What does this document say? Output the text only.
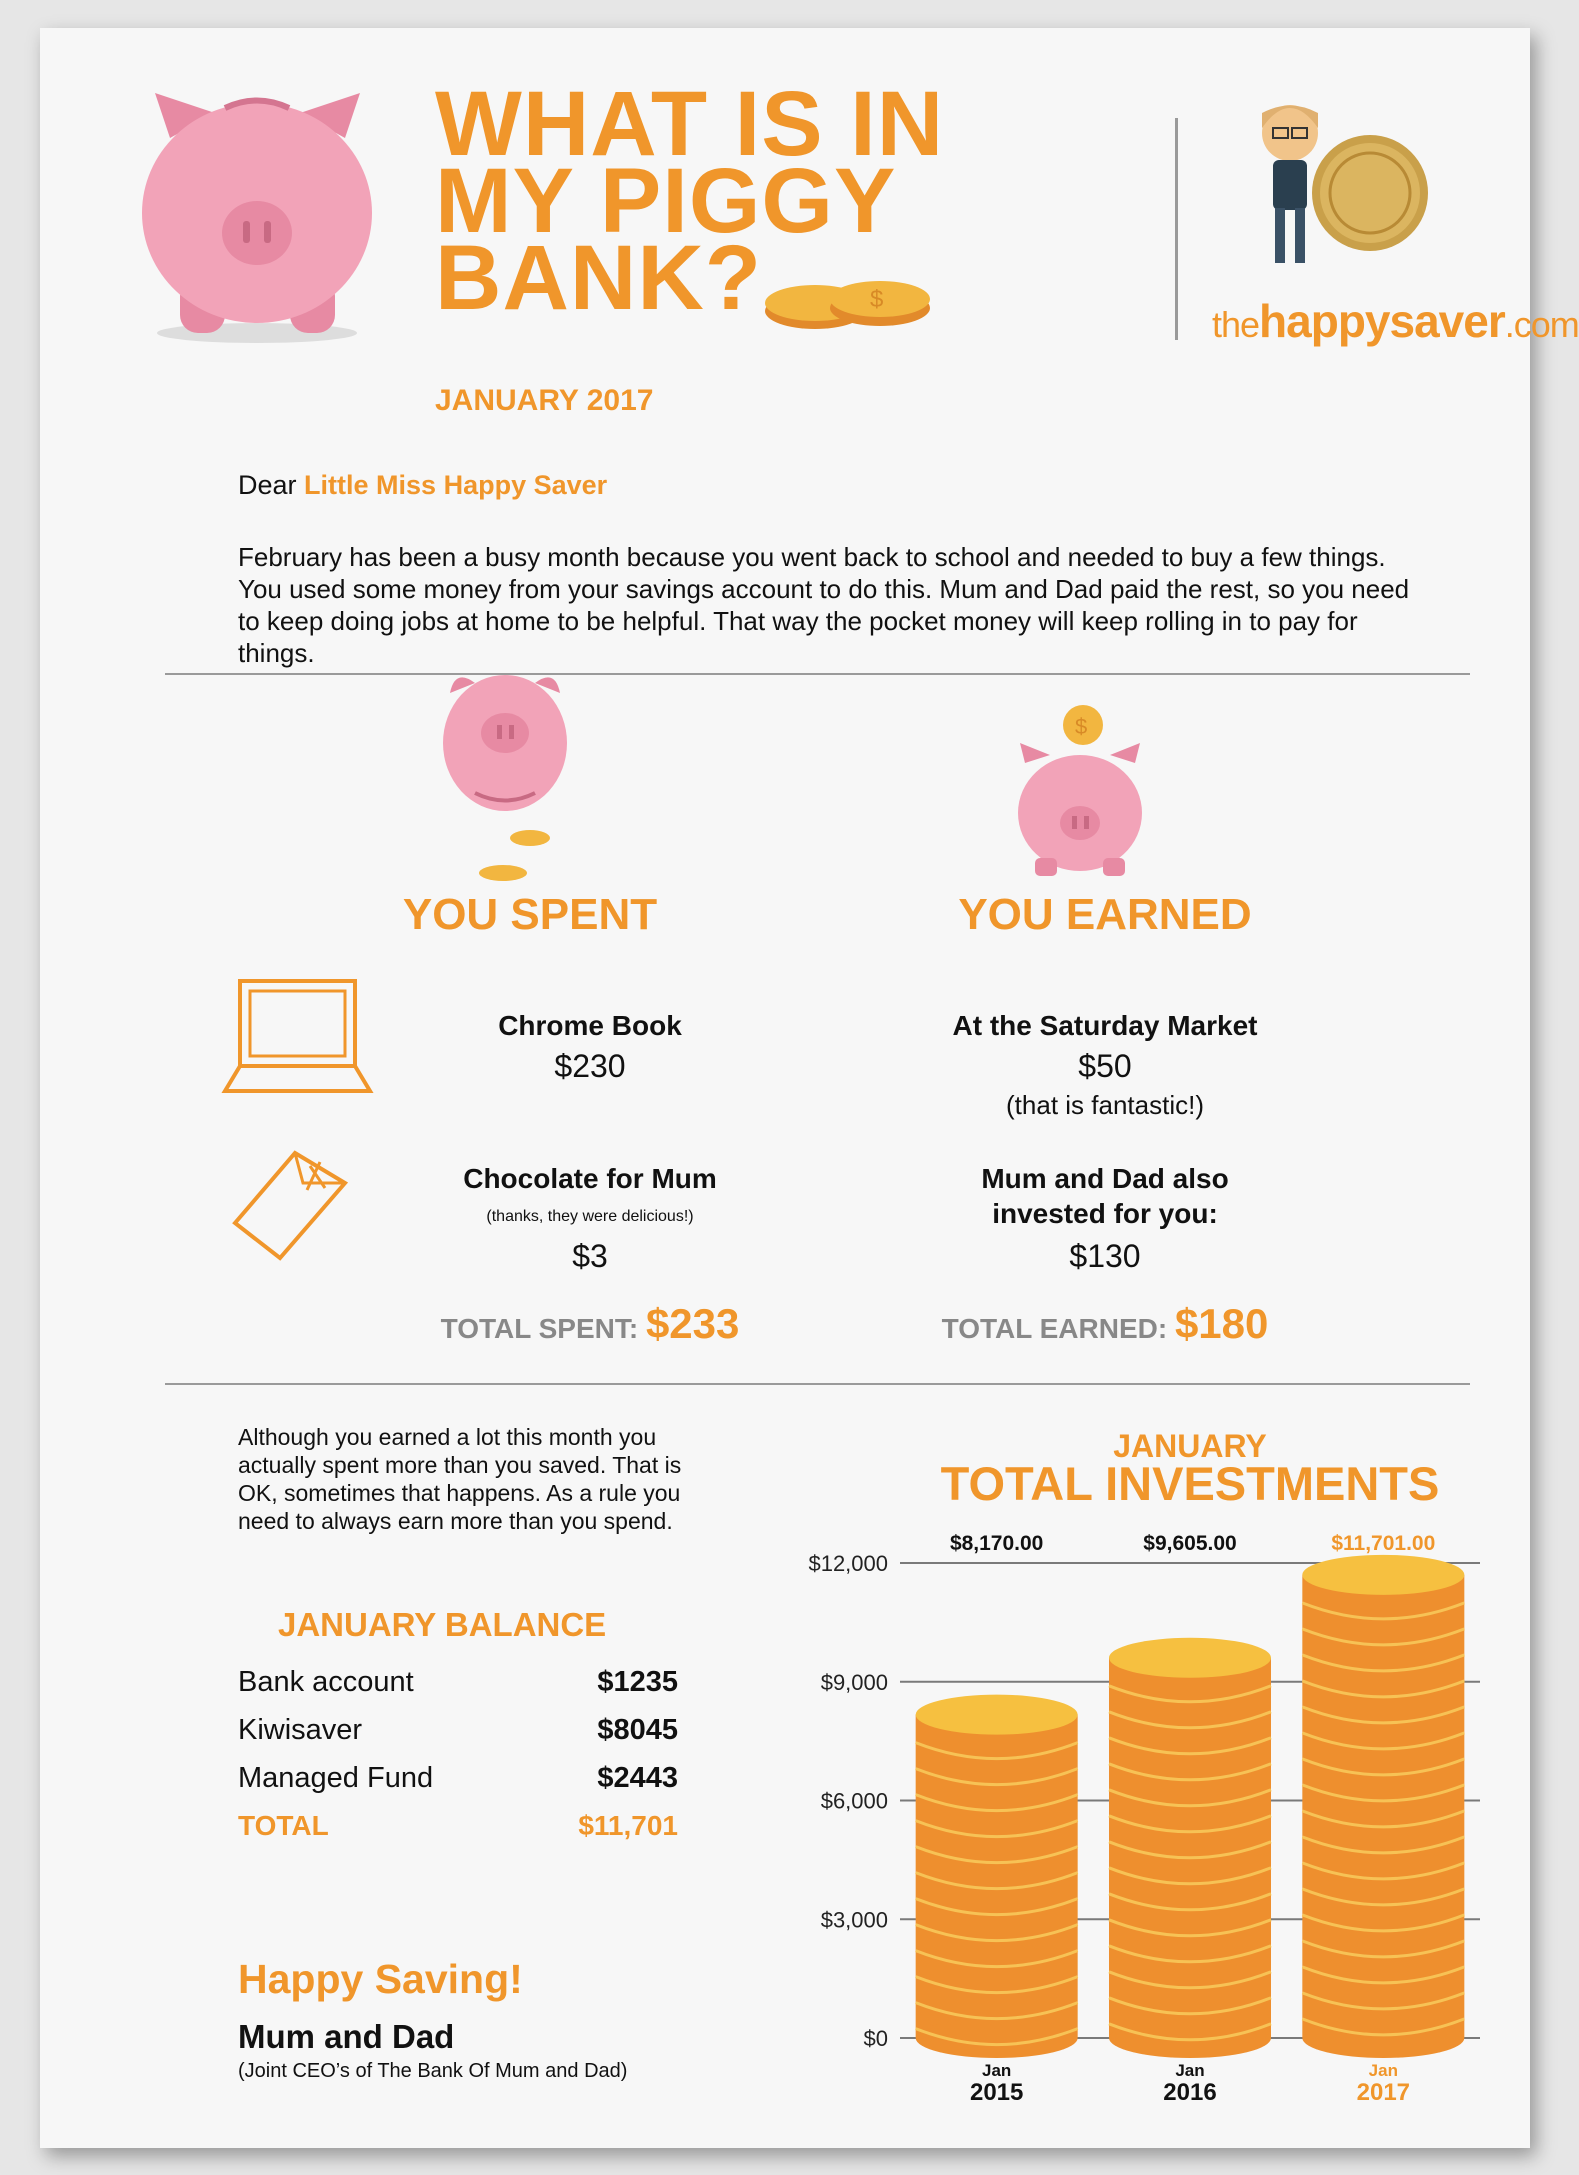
WHAT IS IN
MY PIGGY
BANK?	$
JANUARY 2017
thehappysaver.com
Dear Little Miss Happy Saver
February has been a busy month because you went back to school and needed to buy a few things. You used some money from your savings account to do this. Mum and Dad paid the rest, so you need to keep doing jobs at home to be helpful. That way the pocket money will keep rolling in to pay for things.
$
YOU SPENT	YOU EARNED
Chrome Book
$230
Chocolate for Mum
(thanks, they were delicious!)
$3
TOTAL SPENT: $233
At the Saturday Market
$50
(that is fantastic!)
Mum and Dad also
invested for you:
$130
TOTAL EARNED: $180
Although you earned a lot this month you actually spent more than you saved. That is OK, sometimes that happens. As a rule you need to always earn more than you spend.
JANUARY BALANCE
Bank account	$1235
Kiwisaver	$8045
Managed Fund	$2443
TOTAL	$11,701
Happy Saving!
Mum and Dad
(Joint CEO’s of The Bank Of Mum and Dad)
JANUARY
TOTAL INVESTMENTS
$0
$3,000
$6,000
$9,000
$12,000
$8,170.00
Jan
2015
$9,605.00
Jan
2016
$11,701.00
Jan
2017
